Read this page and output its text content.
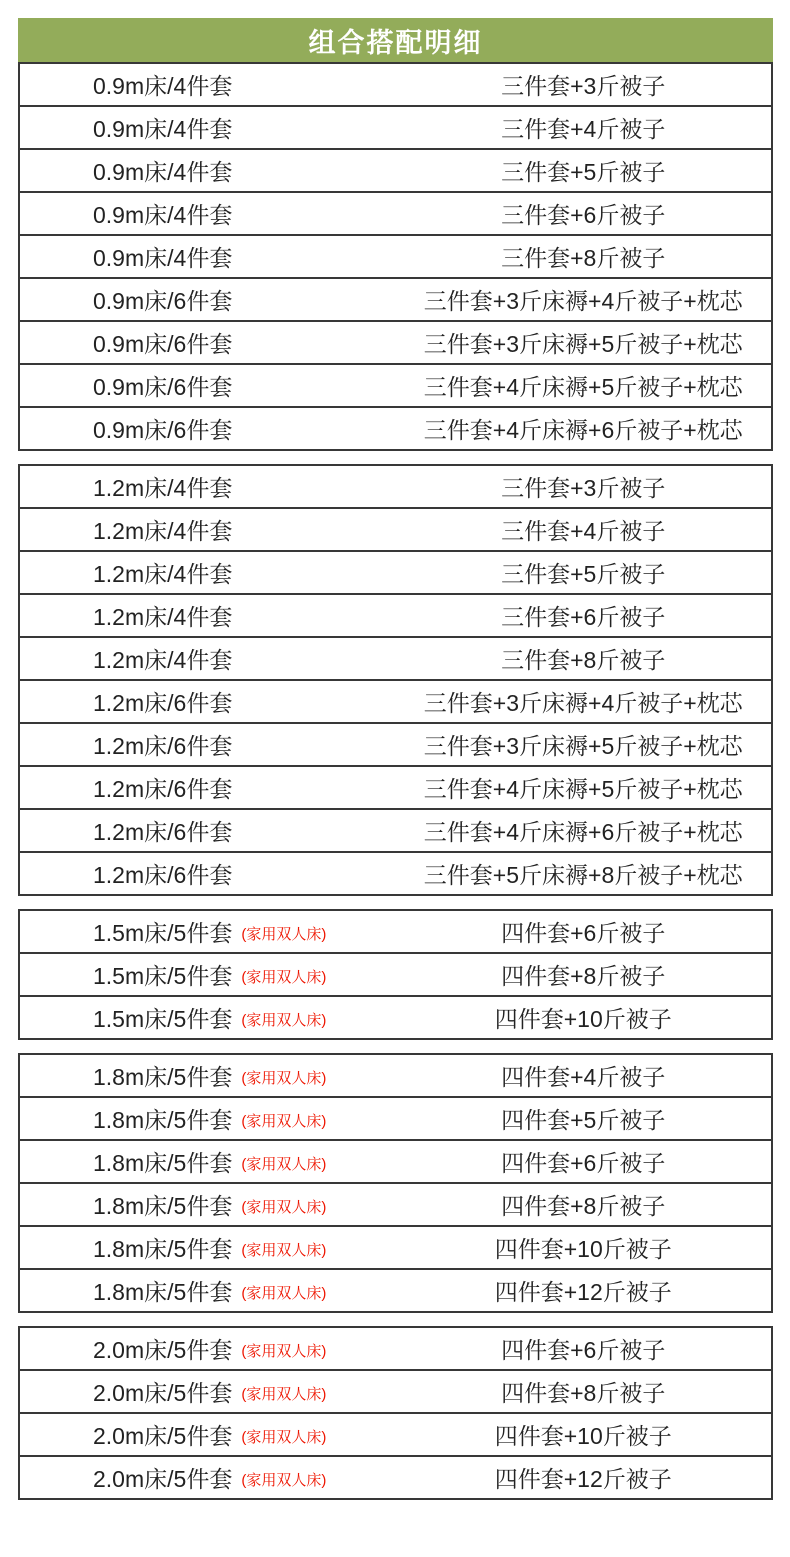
组合搭配明细
0.9m床/4件套	三件套+3斤被子
0.9m床/4件套	三件套+4斤被子
0.9m床/4件套	三件套+5斤被子
0.9m床/4件套	三件套+6斤被子
0.9m床/4件套	三件套+8斤被子
0.9m床/6件套	三件套+3斤床褥+4斤被子+枕芯
0.9m床/6件套	三件套+3斤床褥+5斤被子+枕芯
0.9m床/6件套	三件套+4斤床褥+5斤被子+枕芯
0.9m床/6件套	三件套+4斤床褥+6斤被子+枕芯
1.2m床/4件套	三件套+3斤被子
1.2m床/4件套	三件套+4斤被子
1.2m床/4件套	三件套+5斤被子
1.2m床/4件套	三件套+6斤被子
1.2m床/4件套	三件套+8斤被子
1.2m床/6件套	三件套+3斤床褥+4斤被子+枕芯
1.2m床/6件套	三件套+3斤床褥+5斤被子+枕芯
1.2m床/6件套	三件套+4斤床褥+5斤被子+枕芯
1.2m床/6件套	三件套+4斤床褥+6斤被子+枕芯
1.2m床/6件套	三件套+5斤床褥+8斤被子+枕芯
1.5m床/5件套 (家用双人床)	四件套+6斤被子
1.5m床/5件套 (家用双人床)	四件套+8斤被子
1.5m床/5件套 (家用双人床)	四件套+10斤被子
1.8m床/5件套 (家用双人床)	四件套+4斤被子
1.8m床/5件套 (家用双人床)	四件套+5斤被子
1.8m床/5件套 (家用双人床)	四件套+6斤被子
1.8m床/5件套 (家用双人床)	四件套+8斤被子
1.8m床/5件套 (家用双人床)	四件套+10斤被子
1.8m床/5件套 (家用双人床)	四件套+12斤被子
2.0m床/5件套 (家用双人床)	四件套+6斤被子
2.0m床/5件套 (家用双人床)	四件套+8斤被子
2.0m床/5件套 (家用双人床)	四件套+10斤被子
2.0m床/5件套 (家用双人床)	四件套+12斤被子
